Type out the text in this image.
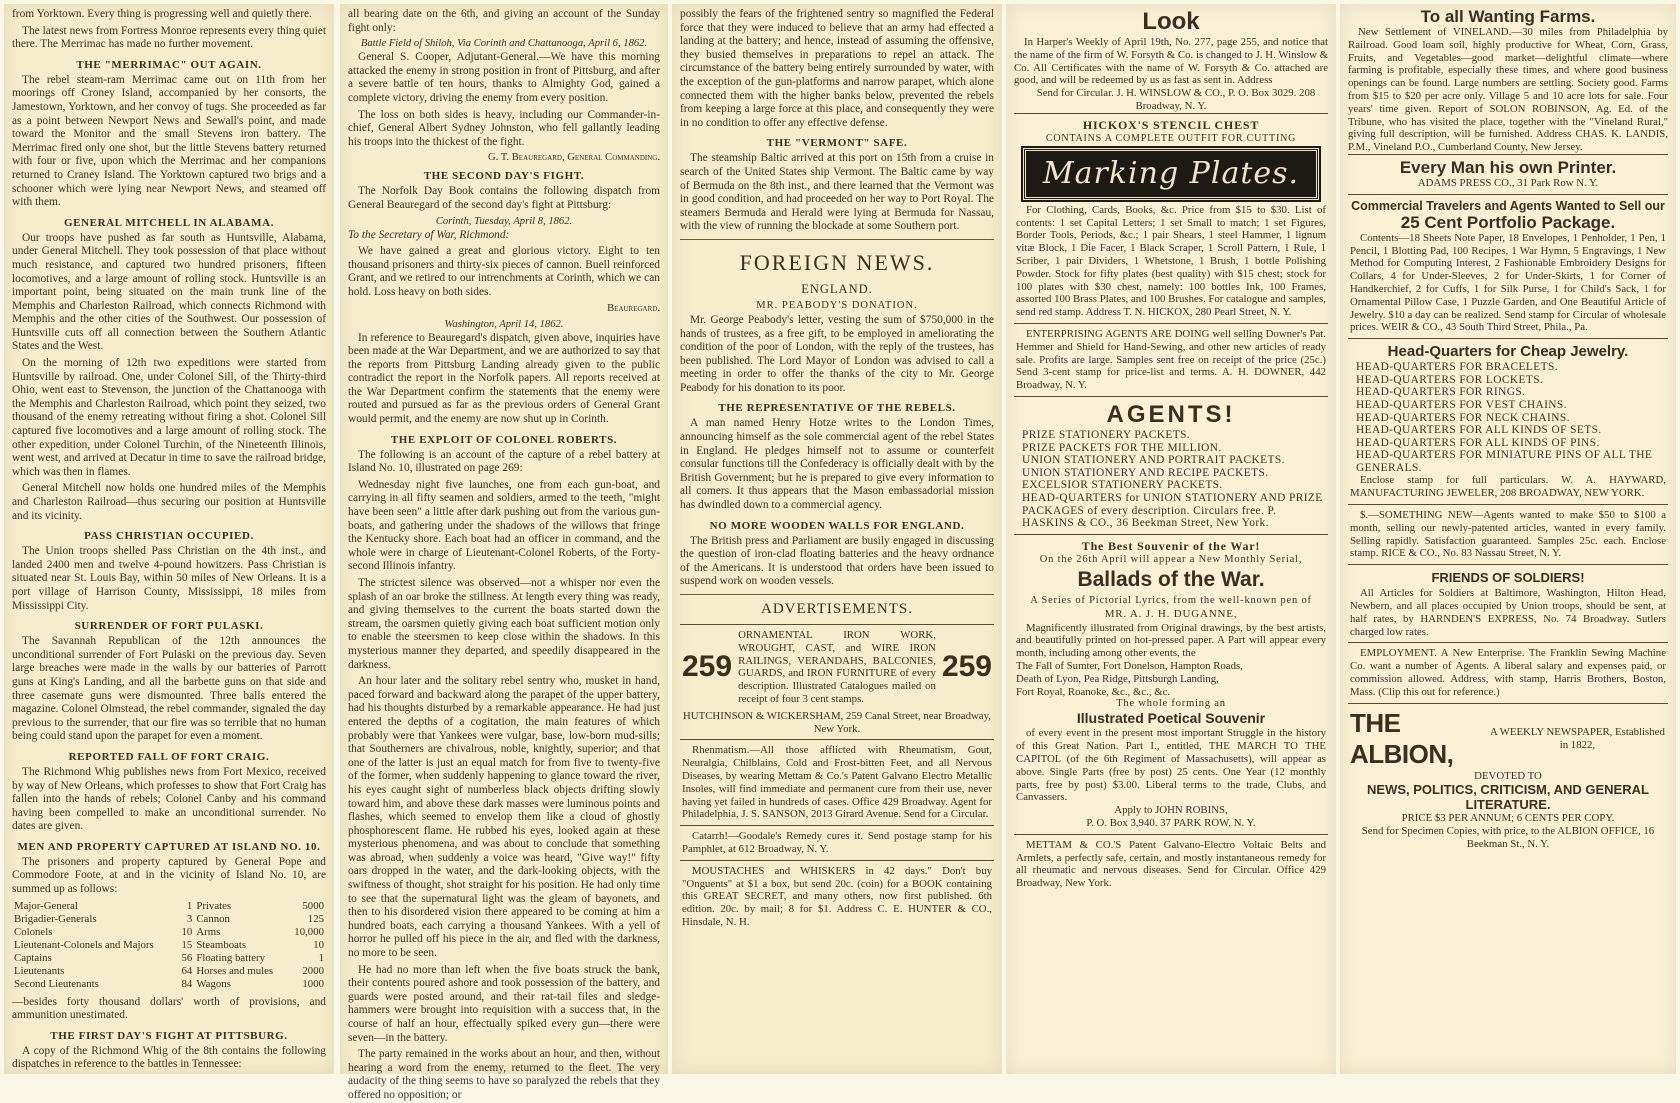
from Yorktown. Every thing is progressing well and quietly there.

The latest news from Fortress Monroe represents every thing quiet there. The Merrimac has made no further movement.

THE "MERRIMAC" OUT AGAIN.

The rebel steam-ram Merrimac came out on 11th from her moorings off Croney Island, accompanied by her consorts, the Jamestown, Yorktown, and her convoy of tugs. She proceeded as far as a point between Newport News and Sewall's point, and made toward the Monitor and the small Stevens iron battery. The Merrimac fired only one shot, but the little Stevens battery returned with four or five, upon which the Merrimac and her companions returned to Craney Island. The Yorktown captured two brigs and a schooner which were lying near Newport News, and steamed off with them.

GENERAL MITCHELL IN ALABAMA.

Our troops have pushed as far south as Huntsville, Alabama, under General Mitchell. They took possession of that place without much resistance, and captured two hundred prisoners, fifteen locomotives, and a large amount of rolling stock. Huntsville is an important point, being situated on the main trunk line of the Memphis and Charleston Railroad, which connects Richmond with Memphis and the other cities of the Southwest. Our possession of Huntsville cuts off all connection between the Southern Atlantic States and the West.

On the morning of 12th two expeditions were started from Huntsville by railroad. One, under Colonel Sill, of the Thirty-third Ohio, went east to Stevenson, the junction of the Chattanooga with the Memphis and Charleston Railroad, which point they seized, two thousand of the enemy retreating without firing a shot. Colonel Sill captured five locomotives and a large amount of rolling stock. The other expedition, under Colonel Turchin, of the Nineteenth Illinois, went west, and arrived at Decatur in time to save the railroad bridge, which was then in flames.

General Mitchell now holds one hundred miles of the Memphis and Charleston Railroad—thus securing our position at Huntsville and its vicinity.

PASS CHRISTIAN OCCUPIED.

The Union troops shelled Pass Christian on the 4th inst., and landed 2400 men and twelve 4-pound howitzers. Pass Christian is situated near St. Louis Bay, within 50 miles of New Orleans. It is a port village of Harrison County, Mississippi, 18 miles from Mississippi City.

SURRENDER OF FORT PULASKI.

The Savannah Republican of the 12th announces the unconditional surrender of Fort Pulaski on the previous day. Seven large breaches were made in the walls by our batteries of Parrott guns at King's Landing, and all the barbette guns on that side and three casemate guns were dismounted. Three balls entered the magazine. Colonel Olmstead, the rebel commander, signaled the day previous to the surrender, that our fire was so terrible that no human being could stand upon the parapet for even a moment.

REPORTED FALL OF FORT CRAIG.

The Richmond Whig publishes news from Fort Mexico, received by way of New Orleans, which professes to show that Fort Craig has fallen into the hands of rebels; Colonel Canby and his command having been compelled to make an unconditional surrender. No dates are given.

MEN AND PROPERTY CAPTURED AT ISLAND NO. 10.

The prisoners and property captured by General Pope and Commodore Foote, at and in the vicinity of Island No. 10, are summed up as follows:

Major-General	1	Privates	5000
Brigadier-Generals	3	Cannon	125
Colonels	10	Arms	10,000
Lieutenant-Colonels and Majors	15	Steamboats	10
Captains	56	Floating battery	1
Lieutenants	64	Horses and mules	2000
Second Lieutenants	84	Wagons	1000

—besides forty thousand dollars' worth of provisions, and ammunition unestimated.

THE FIRST DAY'S FIGHT AT PITTSBURG.

A copy of the Richmond Whig of the 8th contains the following dispatches in reference to the battles in Tennessee:

all bearing date on the 6th, and giving an account of the Sunday fight only:

Battle Field of Shiloh, Via Corinth and Chattanooga, April 6, 1862.

General S. Cooper, Adjutant-General.—We have this morning attacked the enemy in strong position in front of Pittsburg, and after a severe battle of ten hours, thanks to Almighty God, gained a complete victory, driving the enemy from every position.

The loss on both sides is heavy, including our Commander-in-chief, General Albert Sydney Johnston, who fell gallantly leading his troops into the thickest of the fight.

G. T. Beauregard, General Commanding.
THE SECOND DAY'S FIGHT.

The Norfolk Day Book contains the following dispatch from General Beauregard of the second day's fight at Pittsburg:

Corinth, Tuesday, April 8, 1862.

To the Secretary of War, Richmond:

We have gained a great and glorious victory. Eight to ten thousand prisoners and thirty-six pieces of cannon. Buell reinforced Grant, and we retired to our intrenchments at Corinth, which we can hold. Loss heavy on both sides.

Beauregard.
Washington, April 14, 1862.

In reference to Beauregard's dispatch, given above, inquiries have been made at the War Department, and we are authorized to say that the reports from Pittsburg Landing already given to the public contradict the report in the Norfolk papers. All reports received at the War Department confirm the statements that the enemy were routed and pursued as far as the previous orders of General Grant would permit, and the enemy are now shut up in Corinth.

THE EXPLOIT OF COLONEL ROBERTS.

The following is an account of the capture of a rebel battery at Island No. 10, illustrated on page 269:

Wednesday night five launches, one from each gun-boat, and carrying in all fifty seamen and soldiers, armed to the teeth, "might have been seen" a little after dark pushing out from the various gun-boats, and gathering under the shadows of the willows that fringe the Kentucky shore. Each boat had an officer in command, and the whole were in charge of Lieutenant-Colonel Roberts, of the Forty-second Illinois infantry.

The strictest silence was observed—not a whisper nor even the splash of an oar broke the stillness. At length every thing was ready, and giving themselves to the current the boats started down the stream, the oarsmen quietly giving each boat sufficient motion only to enable the steersmen to keep close within the shadows. In this mysterious manner they departed, and speedily disappeared in the darkness.

An hour later and the solitary rebel sentry who, musket in hand, paced forward and backward along the parapet of the upper battery, had his thoughts disturbed by a remarkable appearance. He had just entered the depths of a cogitation, the main features of which probably were that Yankees were vulgar, base, low-born mud-sills; that Southerners are chivalrous, noble, knightly, superior; and that one of the latter is just an equal match for from five to twenty-five of the former, when suddenly happening to glance toward the river, his eyes caught sight of numberless black objects drifting slowly toward him, and above these dark masses were luminous points and flashes, which seemed to envelop them like a cloud of ghostly phosphorescent flame. He rubbed his eyes, looked again at these mysterious phenomena, and was about to conclude that something was abroad, when suddenly a voice was heard, "Give way!" fifty oars dropped in the water, and the dark-looking objects, with the swiftness of thought, shot straight for his position. He had only time to see that the supernatural light was the gleam of bayonets, and then to his disordered vision there appeared to be coming at him a hundred boats, each carrying a thousand Yankees. With a yell of horror he pulled off his piece in the air, and fled with the darkness, no more to be seen.

He had no more than left when the five boats struck the bank, their contents poured ashore and took possession of the battery, and guards were posted around, and their rat-tail files and sledge-hammers were brought into requisition with a success that, in the course of half an hour, effectually spiked every gun—there were seven—in the battery.

The party remained in the works about an hour, and then, without hearing a word from the enemy, returned to the fleet. The very audacity of the thing seems to have so paralyzed the rebels that they offered no opposition; or

possibly the fears of the frightened sentry so magnified the Federal force that they were induced to believe that an army had effected a landing at the battery; and hence, instead of assuming the offensive, they busied themselves in preparations to repel an attack. The circumstance of the battery being entirely surrounded by water, with the exception of the gun-platforms and narrow parapet, which alone connected them with the higher banks below, prevented the rebels from keeping a large force at this place, and consequently they were in no condition to offer any effective defense.

THE "VERMONT" SAFE.

The steamship Baltic arrived at this port on 15th from a cruise in search of the United States ship Vermont. The Baltic came by way of Bermuda on the 8th inst., and there learned that the Vermont was in good condition, and had proceeded on her way to Port Royal. The steamers Bermuda and Herald were lying at Bermuda for Nassau, with the view of running the blockade at some Southern port.

FOREIGN NEWS.
ENGLAND.
MR. PEABODY'S DONATION.

Mr. George Peabody's letter, vesting the sum of $750,000 in the hands of trustees, as a free gift, to be employed in ameliorating the condition of the poor of London, with the reply of the trustees, has been published. The Lord Mayor of London was advised to call a meeting in order to offer the thanks of the city to Mr. George Peabody for his donation to its poor.

THE REPRESENTATIVE OF THE REBELS.

A man named Henry Hotze writes to the London Times, announcing himself as the sole commercial agent of the rebel States in England. He pledges himself not to assume or counterfeit consular functions till the Confederacy is officially dealt with by the British Government; but he is prepared to give every information to all comers. It thus appears that the Mason embassadorial mission has dwindled down to a commercial agency.

NO MORE WOODEN WALLS FOR ENGLAND.

The British press and Parliament are busily engaged in discussing the question of iron-clad floating batteries and the heavy ordnance of the Americans. It is understood that orders have been issued to suspend work on wooden vessels.

ADVERTISEMENTS.
259
ORNAMENTAL IRON WORK, WROUGHT, CAST, and WIRE IRON RAILINGS, VERANDAHS, BALCONIES, GUARDS, and IRON FURNITURE of every description. Illustrated Catalogues mailed on receipt of four 3 cent stamps.
259
HUTCHINSON & WICKERSHAM, 259 Canal Street, near Broadway, New York.

Rhenmatism.—All those afflicted with Rheumatism, Gout, Neuralgia, Chilblains, Cold and Frost-bitten Feet, and all Nervous Diseases, by wearing Mettam & Co.'s Patent Galvano Electro Metallic Insoles, will find immediate and permanent cure from their use, never having yet failed in hundreds of cases. Office 429 Broadway. Agent for Philadelphia, J. S. SANSON, 2013 Girard Avenue. Send for a Circular.

Catarrh!—Goodale's Remedy cures it. Send postage stamp for his Pamphlet, at 612 Broadway, N. Y.

MOUSTACHES and WHISKERS in 42 days." Don't buy "Onguents" at $1 a box, but send 20c. (coin) for a BOOK containing this GREAT SECRET, and many others, now first published. 6th edition. 20c. by mail; 8 for $1. Address C. E. HUNTER & CO., Hinsdale, N. H.

Look

In Harper's Weekly of April 19th, No. 277, page 255, and notice that the name of the firm of W. Forsyth & Co. is changed to J. H. Winslow & Co. All Certificates with the name of W. Forsyth & Co. attached are good, and will be redeemed by us as fast as sent in. Address

Send for Circular. J. H. WINSLOW & CO., P. O. Box 3029. 208 Broadway, N. Y.

HICKOX'S STENCIL CHEST
CONTAINS A COMPLETE OUTFIT FOR CUTTING
Marking Plates.

For Clothing, Cards, Books, &c. Price from $15 to $30. List of contents: 1 set Capital Letters; 1 set Small to match; 1 set Figures, Border Tools, Periods, &c.; 1 pair Shears, 1 steel Hammer, 1 lignum vitæ Block, 1 Die Facer, 1 Black Scraper, 1 Scroll Pattern, 1 Rule, 1 Scriber, 1 pair Dividers, 1 Whetstone, 1 Brush, 1 bottle Polishing Powder. Stock for fifty plates (best quality) with $15 chest; stock for 100 plates with $30 chest, namely: 100 bottles Ink, 100 Frames, assorted 100 Brass Plates, and 100 Brushes. For catalogue and samples, send red stamp. Address T. N. HICKOX, 280 Pearl Street, N. Y.

ENTERPRISING AGENTS ARE DOING well selling Downer's Pat. Hemmer and Shield for Hand-Sewing, and other new articles of ready sale. Profits are large. Samples sent free on receipt of the price (25c.) Send 3-cent stamp for price-list and terms. A. H. DOWNER, 442 Broadway, N. Y.

AGENTS!
PRIZE STATIONERY PACKETS.
PRIZE PACKETS FOR THE MILLION.
UNION STATIONERY AND PORTRAIT PACKETS.
UNION STATIONERY AND RECIPE PACKETS.
EXCELSIOR STATIONERY PACKETS.
HEAD-QUARTERS for UNION STATIONERY AND PRIZE PACKAGES of every description. Circulars free. P. HASKINS & CO., 36 Beekman Street, New York.
The Best Souvenir of the War!
On the 26th April will appear a New Monthly Serial,
Ballads of the War.
A Series of Pictorial Lyrics, from the well-known pen of
MR. A. J. H. DUGANNE,

Magnificently illustrated from Original drawings, by the best artists, and beautifully printed on hot-pressed paper. A Part will appear every month, including among other events, the

The Fall of Sumter, Fort Donelson, Hampton Roads,
Death of Lyon, Pea Ridge, Pittsburgh Landing,
Fort Royal, Roanoke, &c., &c., &c.
The whole forming an
Illustrated Poetical Souvenir

of every event in the present most important Struggle in the history of this Great Nation. Part I., entitled, THE MARCH TO THE CAPITOL (of the 6th Regiment of Massachusetts), will appear as above. Single Parts (free by post) 25 cents. One Year (12 monthly parts, free by post) $3.00. Liberal terms to the trade, Clubs, and Canvassers.

Apply to JOHN ROBINS,
P. O. Box 3,940. 37 PARK ROW, N. Y.

METTAM & CO.'S Patent Galvano-Electro Voltaic Belts and Armlets, a perfectly safe, certain, and mostly instantaneous remedy for all rheumatic and nervous diseases. Send for Circular. Office 429 Broadway, New York.

To all Wanting Farms.

New Settlement of VINELAND.—30 miles from Philadelphia by Railroad. Good loam soil, highly productive for Wheat, Corn, Grass, Fruits, and Vegetables—good market—delightful climate—where farming is profitable, especially these times, and where good business openings can be found. Large numbers are settling. Society good. Farms from $15 to $20 per acre only. Village 5 and 10 acre lots for sale. Four years' time given. Report of SOLON ROBINSON, Ag. Ed. of the Tribune, who has visited the place, together with the "Vineland Rural," giving full description, will be furnished. Address CHAS. K. LANDIS, P.M., Vineland P.O., Cumberland County, New Jersey.

Every Man his own Printer.
ADAMS PRESS CO., 31 Park Row N. Y.
Commercial Travelers and Agents Wanted to Sell our
25 Cent Portfolio Package.

Contents—18 Sheets Note Paper, 18 Envelopes, 1 Penholder, 1 Pen, 1 Pencil, 1 Blotting Pad, 100 Recipes, 1 War Hymn, 5 Engravings, 1 New Method for Computing Interest, 2 Fashionable Embroidery Designs for Collars, 4 for Under-Sleeves, 2 for Under-Skirts, 1 for Corner of Handkerchief, 2 for Cuffs, 1 for Silk Purse, 1 for Child's Sack, 1 for Ornamental Pillow Case, 1 Puzzle Garden, and One Beautiful Article of Jewelry. $10 a day can be realized. Send stamp for Circular of wholesale prices. WEIR & CO., 43 South Third Street, Phila., Pa.

Head-Quarters for Cheap Jewelry.
HEAD-QUARTERS FOR BRACELETS.
HEAD-QUARTERS FOR LOCKETS.
HEAD-QUARTERS FOR RINGS.
HEAD-QUARTERS FOR VEST CHAINS.
HEAD-QUARTERS FOR NECK CHAINS.
HEAD-QUARTERS FOR ALL KINDS OF SETS.
HEAD-QUARTERS FOR ALL KINDS OF PINS.
HEAD-QUARTERS FOR MINIATURE PINS OF ALL THE GENERALS.

Enclose stamp for full particulars. W. A. HAYWARD, MANUFACTURING JEWELER, 208 BROADWAY, NEW YORK.

$.—SOMETHING NEW—Agents wanted to make $50 to $100 a month, selling our newly-patented articles, wanted in every family. Selling rapidly. Satisfaction guaranteed. Samples 25c. each. Enclose stamp. RICE & CO., No. 83 Nassau Street, N. Y.

FRIENDS OF SOLDIERS!

All Articles for Soldiers at Baltimore, Washington, Hilton Head, Newbern, and all places occupied by Union troops, should be sent, at half rates, by HARNDEN'S EXPRESS, No. 74 Broadway. Sutlers charged low rates.

EMPLOYMENT. A New Enterprise. The Franklin Sewing Machine Co. want a number of Agents. A liberal salary and expenses paid, or commission allowed. Address, with stamp, Harris Brothers, Boston, Mass. (Clip this out for reference.)

THE ALBION,
A WEEKLY NEWSPAPER, Established in 1822,
DEVOTED TO
NEWS, POLITICS, CRITICISM, AND GENERAL LITERATURE.
PRICE $3 PER ANNUM; 6 CENTS PER COPY.
Send for Specimen Copies, with price, to the ALBION OFFICE, 16 Beekman St., N. Y.
